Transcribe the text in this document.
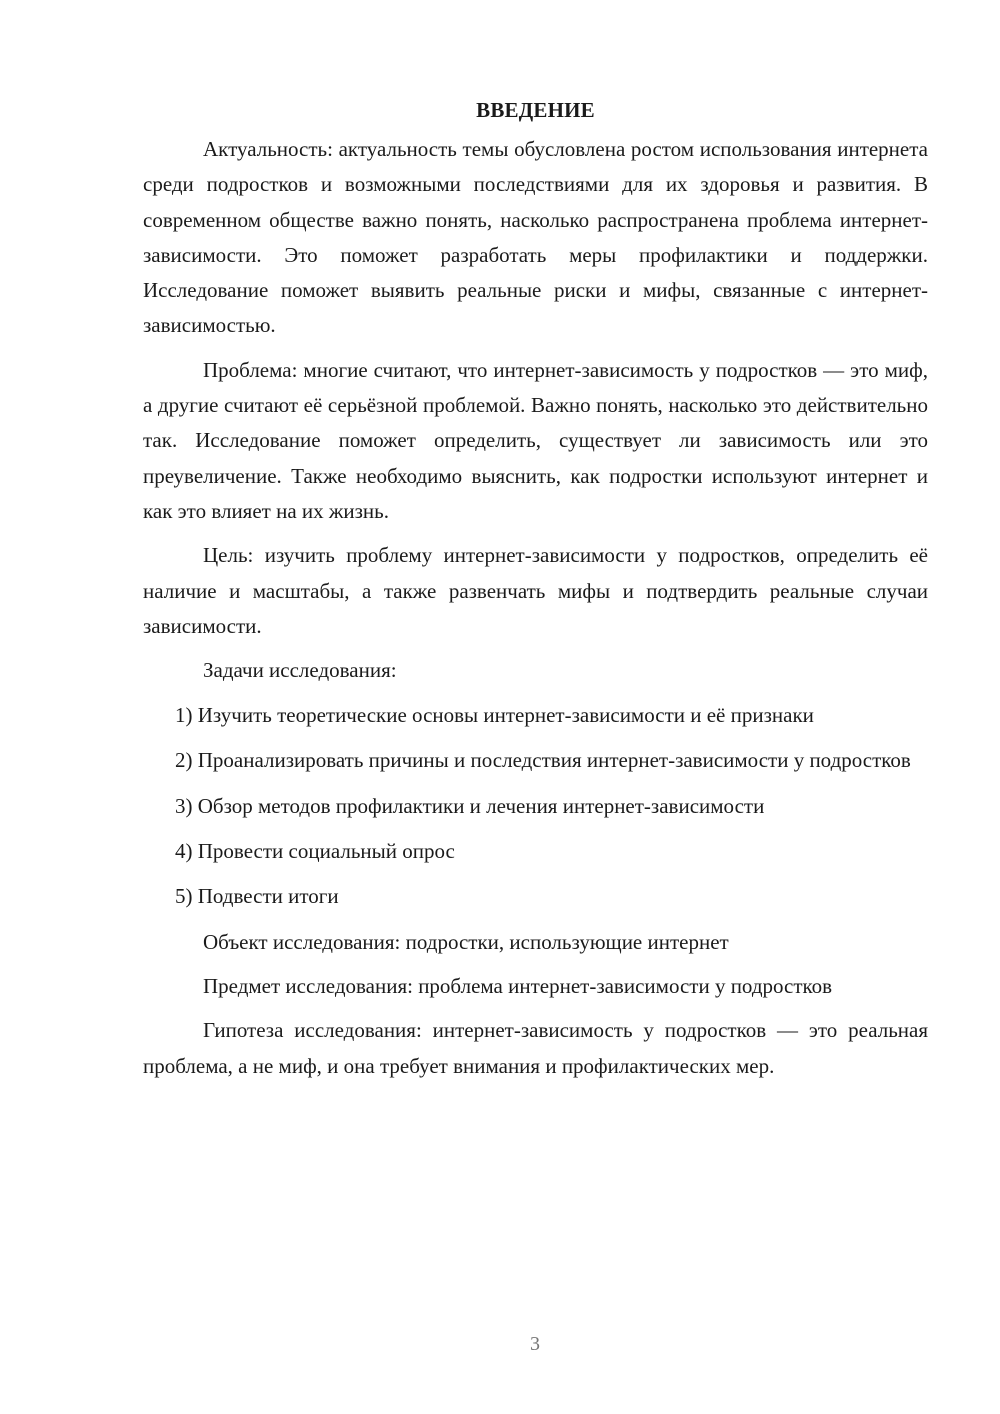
ВВЕДЕНИЕ

Актуальность: актуальность темы обусловлена ростом использования интернета среди подростков и возможными последствиями для их здоровья и развития. В современном обществе важно понять, насколько распространена проблема интернет-зависимости. Это поможет разработать меры профилактики и поддержки. Исследование поможет выявить реальные риски и мифы, связанные с интернет-зависимостью.

Проблема: многие считают, что интернет-зависимость у подростков — это миф, а другие считают её серьёзной проблемой. Важно понять, насколько это действительно так. Исследование поможет определить, существует ли зависимость или это преувеличение. Также необходимо выяснить, как подростки используют интернет и как это влияет на их жизнь.

Цель: изучить проблему интернет-зависимости у подростков, определить её наличие и масштабы, а также развенчать мифы и подтвердить реальные случаи зависимости.

Задачи исследования:

1) Изучить теоретические основы интернет-зависимости и её признаки

2) Проанализировать причины и последствия интернет-зависимости у подростков

3) Обзор методов профилактики и лечения интернет-зависимости

4) Провести социальный опрос

5) Подвести итоги

Объект исследования: подростки, использующие интернет

Предмет исследования: проблема интернет-зависимости у подростков

Гипотеза исследования: интернет-зависимость у подростков — это реальная проблема, а не миф, и она требует внимания и профилактических мер.

3
